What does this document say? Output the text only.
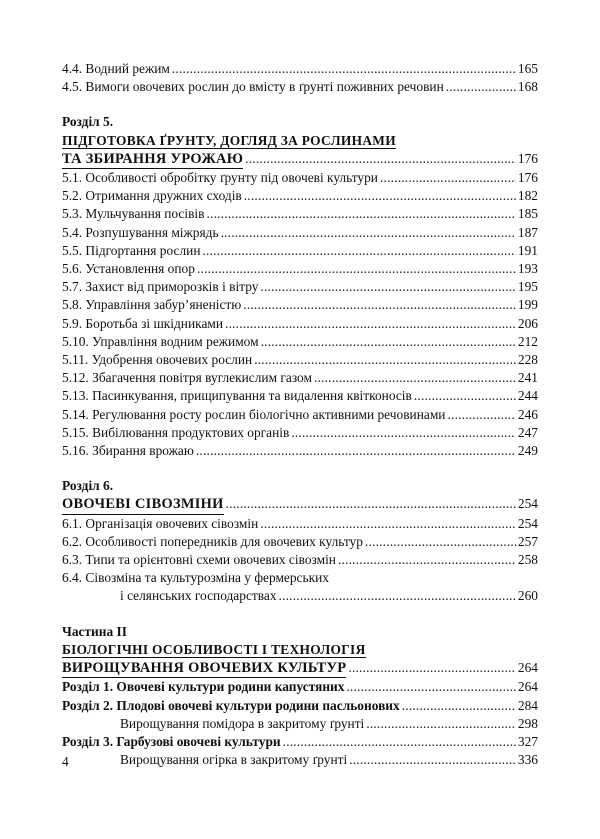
4.4. Водний режим .....	165
4.5. Вимоги овочевих рослин до вмісту в ґрунті поживних речовин .....	168
Розділ 5.
ПІДГОТОВКА ҐРУНТУ, ДОГЛЯД ЗА РОСЛИНАМИ
ТА ЗБИРАННЯ УРОЖАЮ .....	176
5.1. Особливості обробітку ґрунту під овочеві культури .....	176
5.2. Отримання дружних сходів .....	182
5.3. Мульчування посівів .....	185
5.4. Розпушування міжрядь .....	187
5.5. Підгортання рослин .....	191
5.6. Установлення опор .....	193
5.7. Захист від приморозків і вітру .....	195
5.8. Управління забур’яненістю .....	199
5.9. Боротьба зі шкідниками .....	206
5.10. Управління водним режимом .....	212
5.11. Удобрення овочевих рослин .....	228
5.12. Збагачення повітря вуглекислим газом .....	241
5.13. Пасинкування, прищипування та видалення квітконосів .....	244
5.14. Регулювання росту рослин біологічно активними речовинами .....	246
5.15. Вибілювання продуктових органів .....	247
5.16. Збирання врожаю .....	249
Розділ 6.
ОВОЧЕВІ СІВОЗМІНИ .....	254
6.1. Організація овочевих сівозмін .....	254
6.2. Особливості попередників для овочевих культур .....	257
6.3. Типи та орієнтовні схеми овочевих сівозмін .....	258
6.4. Сівозміна та культурозміна у фермерських
і селянських господарствах .....	260
Частина II
БІОЛОГІЧНІ ОСОБЛИВОСТІ І ТЕХНОЛОГІЯ
ВИРОЩУВАННЯ ОВОЧЕВИХ КУЛЬТУР .....	264
Розділ 1. Овочеві культури родини капустяних .....	264
Розділ 2. Плодові овочеві культури родини пасльонових .....	284
Вирощування помідора в закритому ґрунті .....	298
Розділ 3. Гарбузові овочеві культури .....	327
Вирощування огірка в закритому ґрунті .....	336
4
